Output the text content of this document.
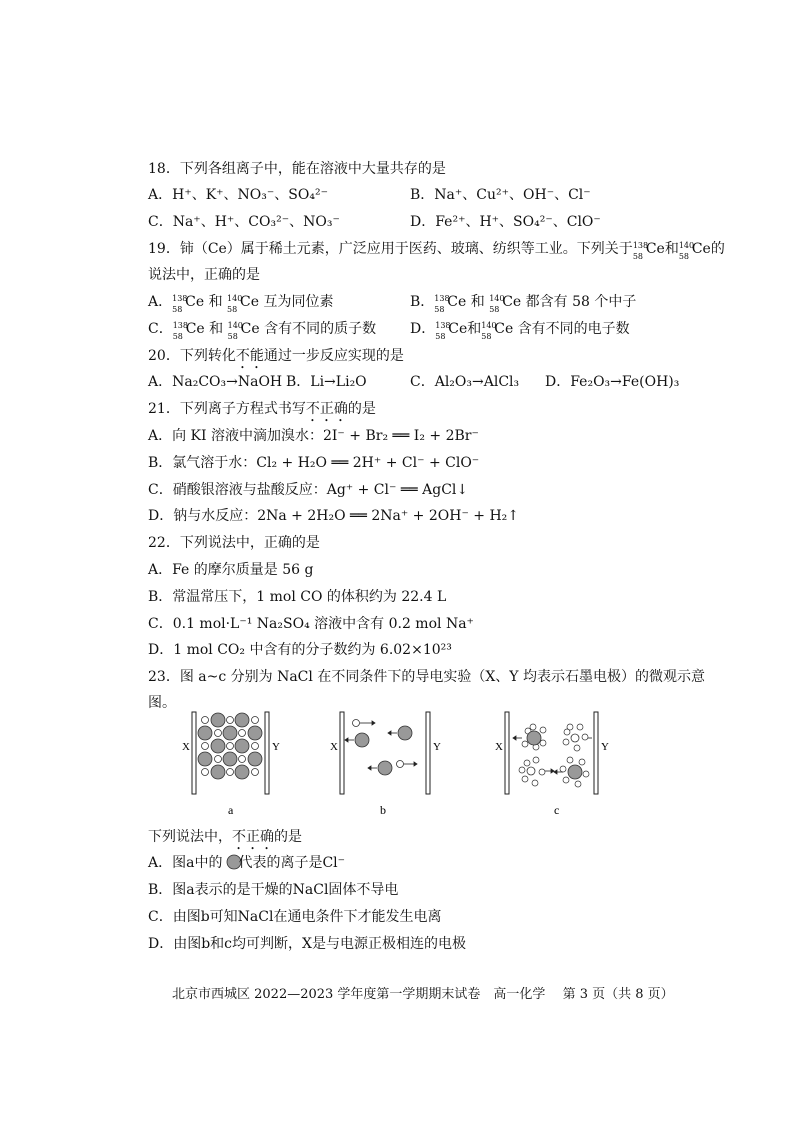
18．下列各组离子中，能在溶液中大量共存的是
A．H⁺、K⁺、NO₃⁻、SO₄²⁻	B．Na⁺、Cu²⁺、OH⁻、Cl⁻
C．Na⁺、H⁺、CO₃²⁻、NO₃⁻	D．Fe²⁺、H⁺、SO₄²⁻、ClO⁻
19．铈（Ce）属于稀土元素，广泛应用于医药、玻璃、纺织等工业。下列关于 138
58 Ce和 140
58 Ce的
说法中，正确的是
A． 138
58 Ce 和 140
58 Ce 互为同位素	B． 138
58 Ce 和 140
58 Ce 都含有 58 个中子
C． 138
58 Ce 和 140
58 Ce 含有不同的质子数 D． 138
58 Ce和 140
58 Ce 含有不同的电子数
20．下列转化不能通过一步反应实现的是
A．Na₂CO₃→NaOH B．Li→Li₂O	C．Al₂O₃→AlCl₃ D．Fe₂O₃→Fe(OH)₃
21．下列离子方程式书写不正确的是
A．向 KI 溶液中滴加溴水：2I⁻ + Br₂ ══ I₂ + 2Br⁻
B．氯气溶于水：Cl₂ + H₂O ══ 2H⁺ + Cl⁻ + ClO⁻
C．硝酸银溶液与盐酸反应：Ag⁺ + Cl⁻ ══ AgCl↓
D．钠与水反应：2Na + 2H₂O ══ 2Na⁺ + 2OH⁻ + H₂↑
22．下列说法中，正确的是
A．Fe 的摩尔质量是 56 g
B．常温常压下，1 mol CO 的体积约为 22.4 L
C．0.1 mol·L⁻¹ Na₂SO₄ 溶液中含有 0.2 mol Na⁺
D．1 mol CO₂ 中含有的分子数约为 6.02×10²³
23．图 a~c 分别为 NaCl 在不同条件下的导电实验（X、Y 均表示石墨电极）的微观示意
图。
X	Y
a
X	Y
b
X	Y
c
下列说法中，不正确的是
A．图a中的 代表的离子是Cl⁻
B．图a表示的是干燥的NaCl固体不导电
C．由图b可知NaCl在通电条件下才能发生电离
D．由图b和c均可判断，X是与电源正极相连的电极
北京市西城区 2022—2023 学年度第一学期期末试卷　高一化学　 第 3 页（共 8 页）
